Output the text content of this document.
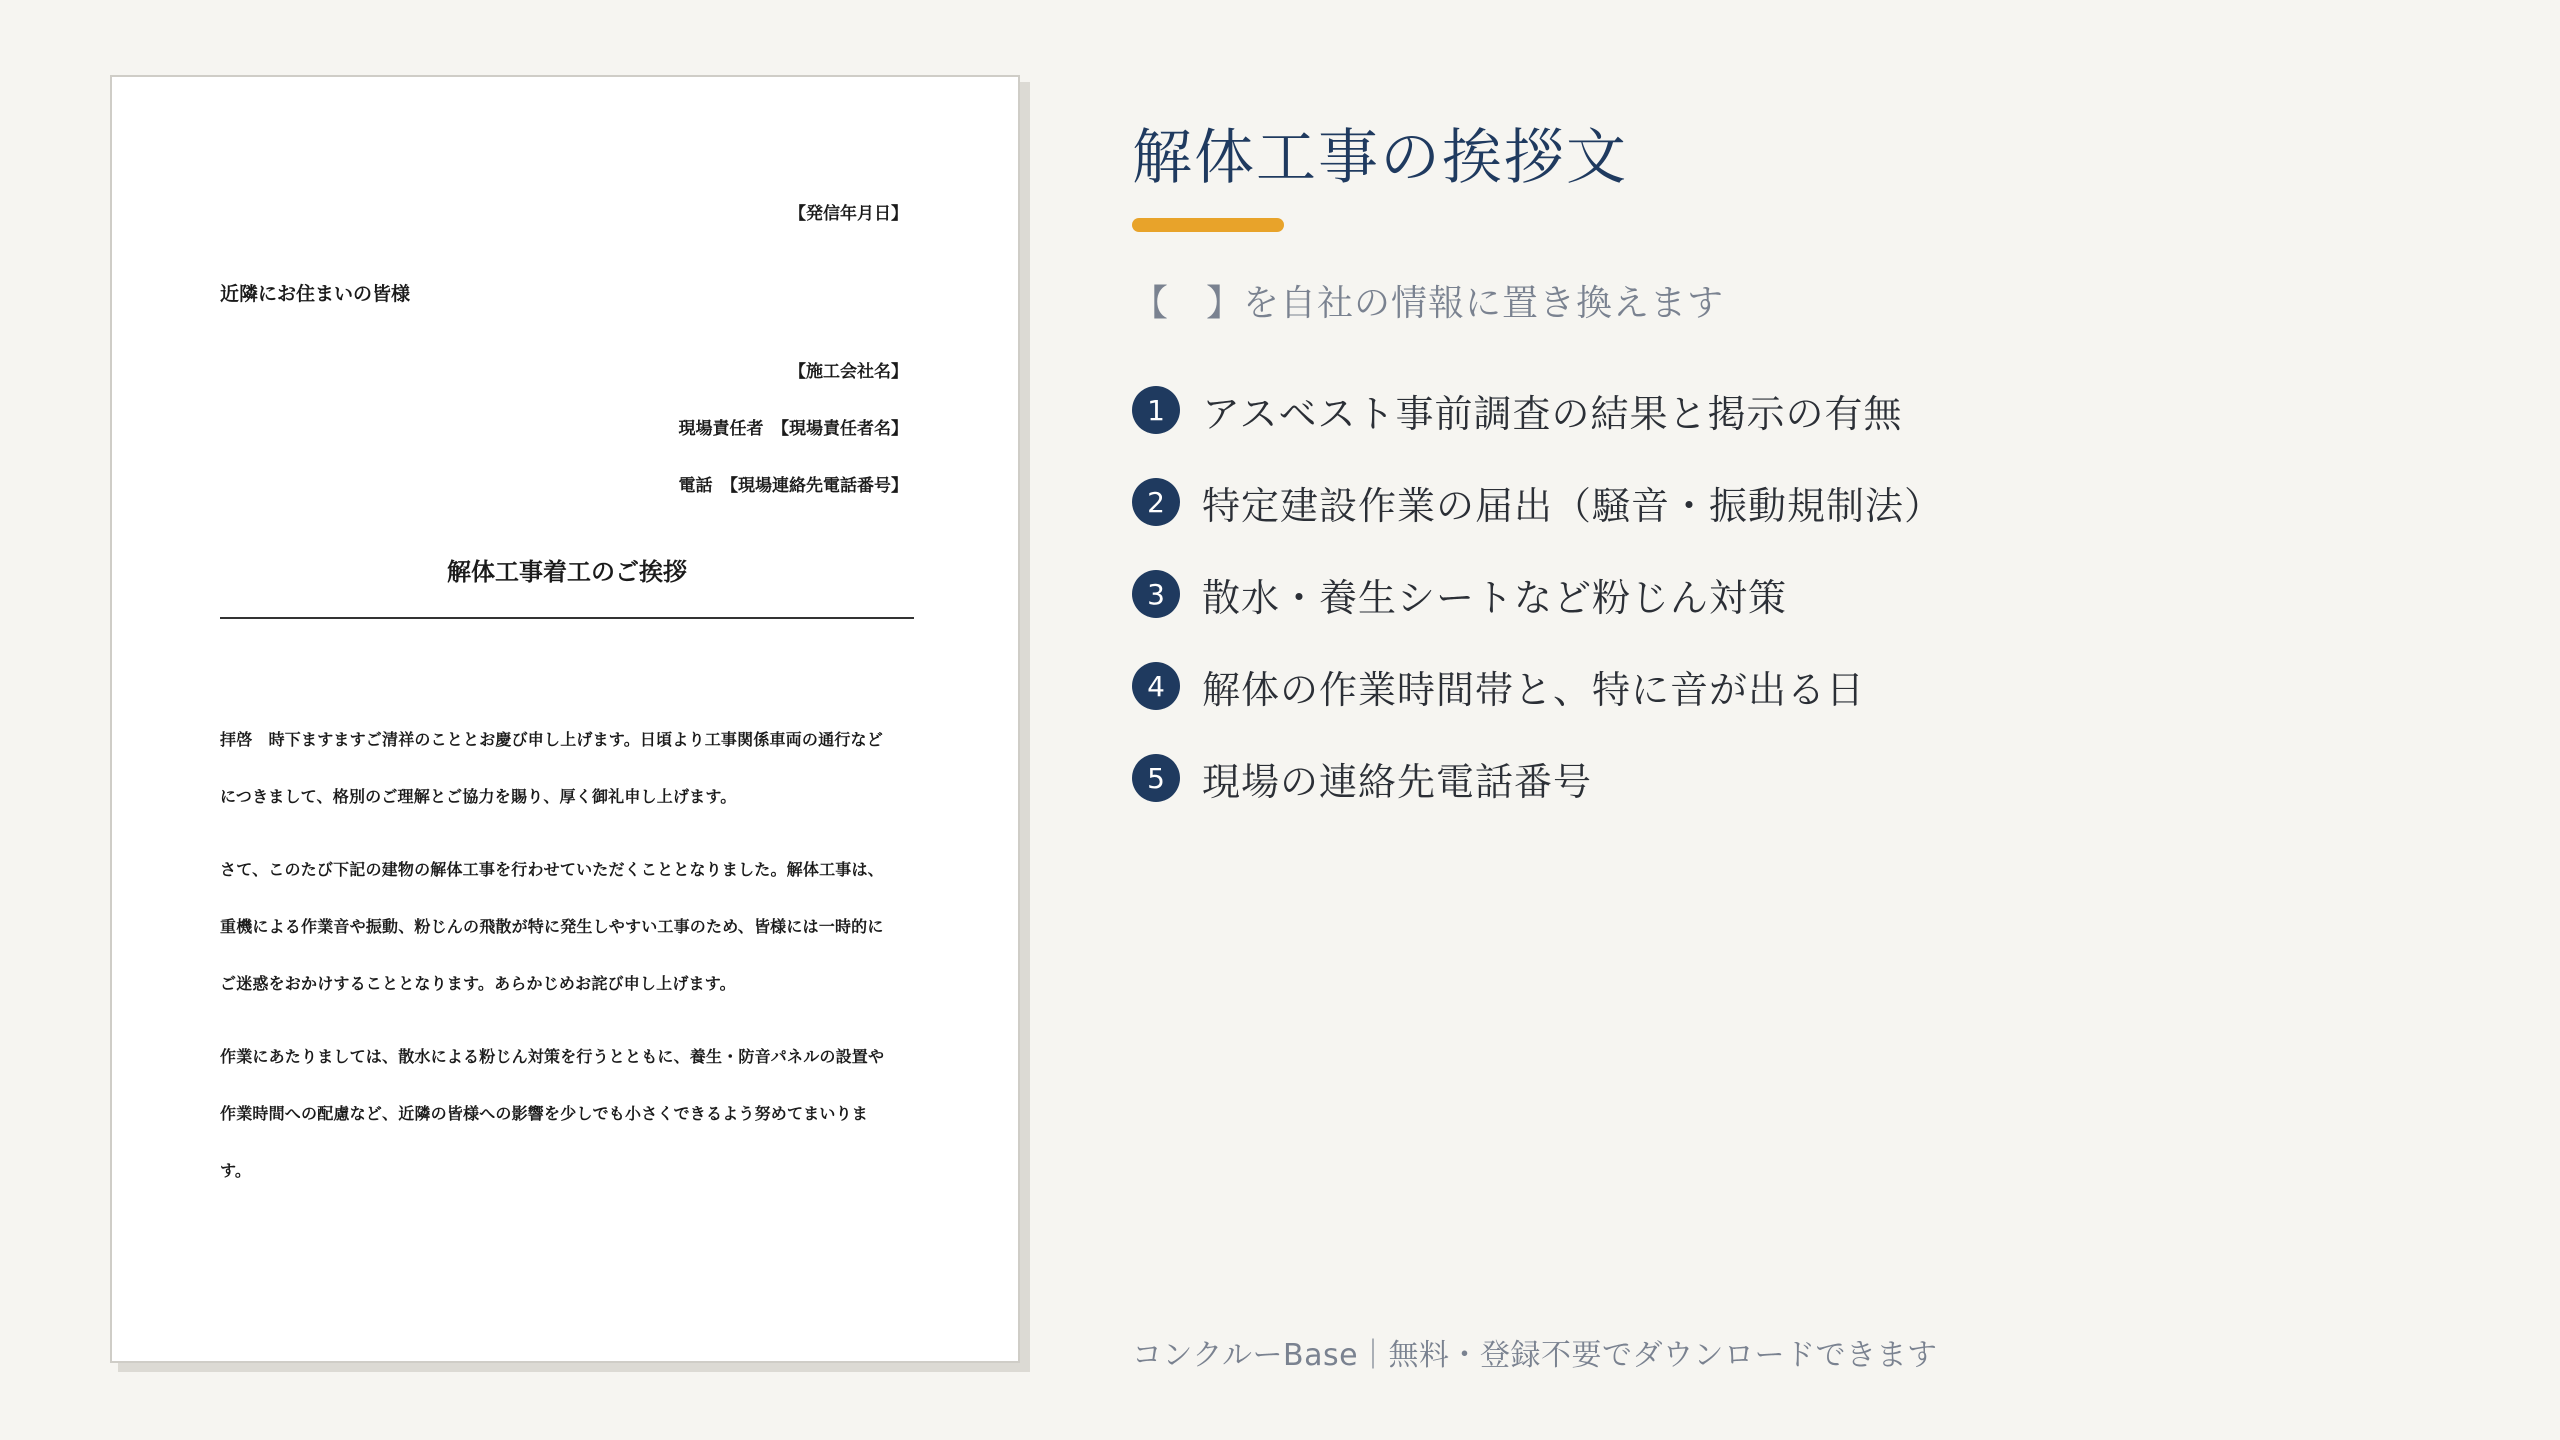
【発信年月日】
近隣にお住まいの皆様
【施工会社名】
現場責任者　【現場責任者名】
電話　【現場連絡先電話番号】
解体工事着工のご挨拶
拝啓　時下ますますご清祥のこととお慶び申し上げます。日頃より工事関係車両の通行など
につきまして、格別のご理解とご協力を賜り、厚く御礼申し上げます。
さて、このたび下記の建物の解体工事を行わせていただくこととなりました。解体工事は、
重機による作業音や振動、粉じんの飛散が特に発生しやすい工事のため、皆様には一時的に
ご迷惑をおかけすることとなります。あらかじめお詫び申し上げます。
作業にあたりましては、散水による粉じん対策を行うとともに、養生・防音パネルの設置や
作業時間への配慮など、近隣の皆様への影響を少しでも小さくできるよう努めてまいりま
す。
解体工事の挨拶文
【　】を自社の情報に置き換えます
1 アスベスト事前調査の結果と掲示の有無
2 特定建設作業の届出（騒音・振動規制法）
3 散水・養生シートなど粉じん対策
4 解体の作業時間帯と、特に音が出る日
5 現場の連絡先電話番号
コンクルーBase｜無料・登録不要でダウンロードできます
